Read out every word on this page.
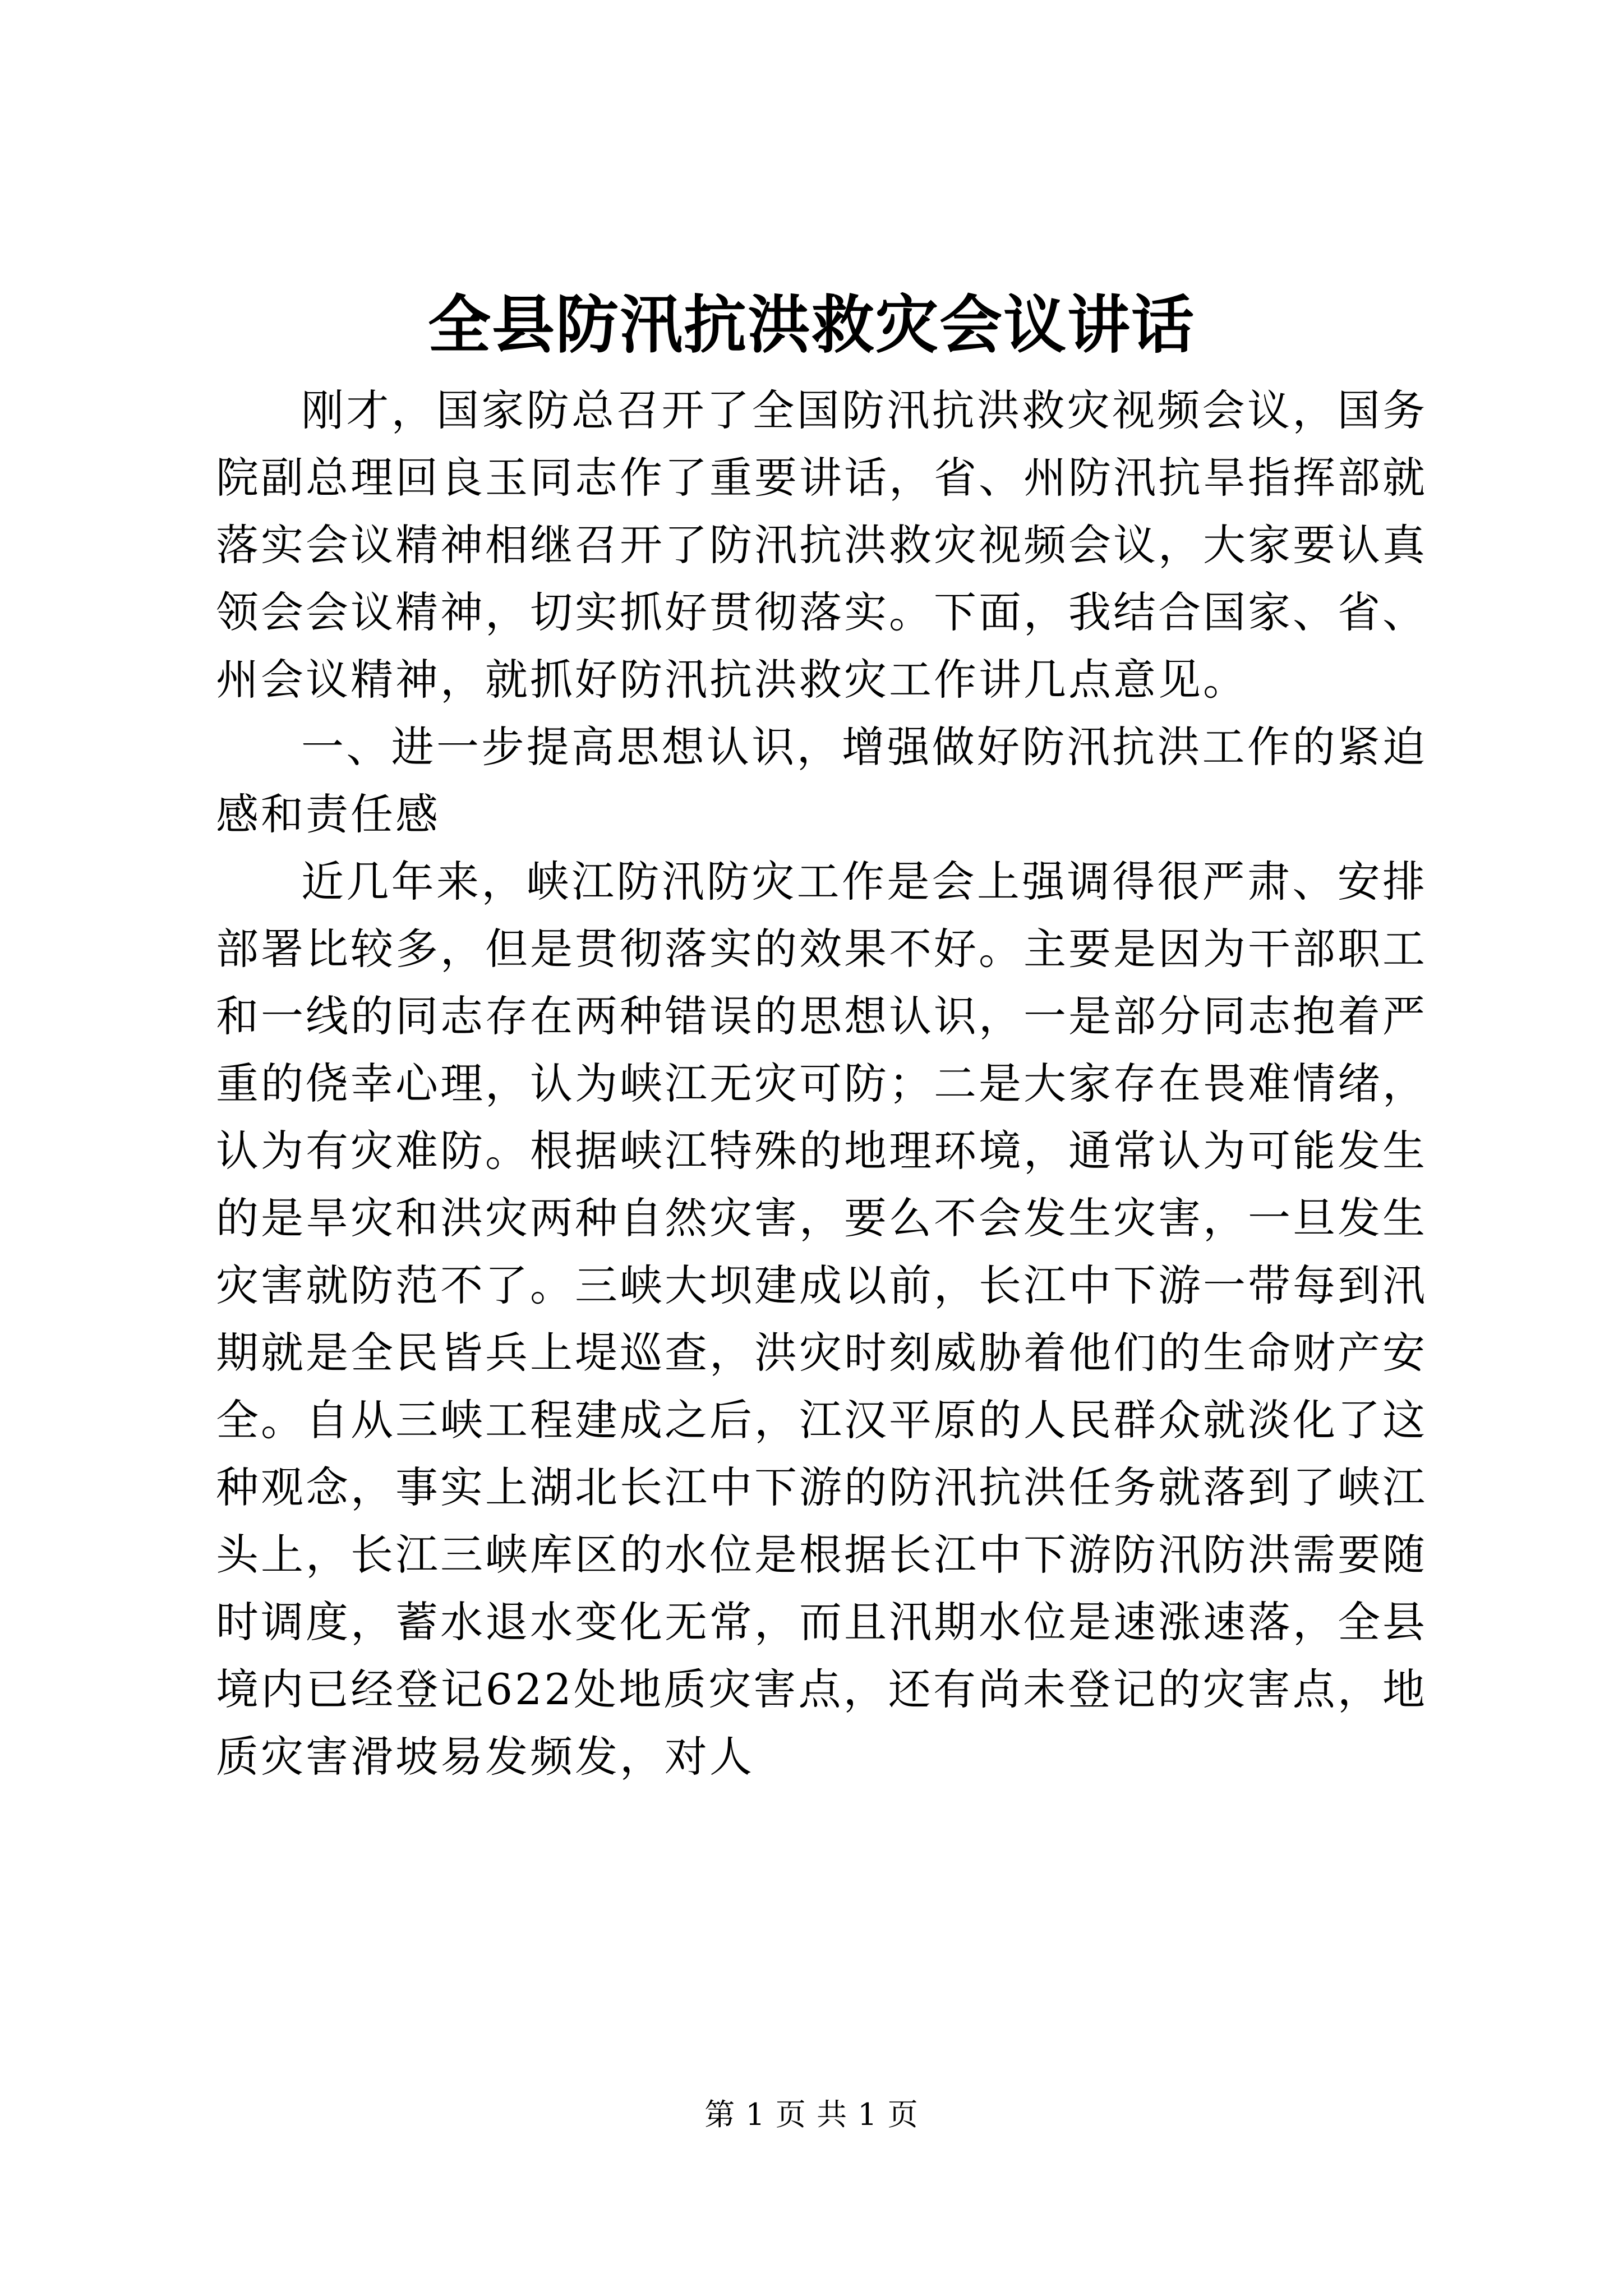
全县防汛抗洪救灾会议讲话

刚才，国家防总召开了全国防汛抗洪救灾视频会议，国务院副总理回良玉同志作了重要讲话，省、州防汛抗旱指挥部就落实会议精神相继召开了防汛抗洪救灾视频会议，大家要认真领会会议精神，切实抓好贯彻落实。下面，我结合国家、省、州会议精神，就抓好防汛抗洪救灾工作讲几点意见。

一、进一步提高思想认识，增强做好防汛抗洪工作的紧迫感和责任感

近几年来，峡江防汛防灾工作是会上强调得很严肃、安排部署比较多，但是贯彻落实的效果不好。主要是因为干部职工和一线的同志存在两种错误的思想认识，一是部分同志抱着严重的侥幸心理，认为峡江无灾可防；二是大家存在畏难情绪，认为有灾难防。根据峡江特殊的地理环境，通常认为可能发生的是旱灾和洪灾两种自然灾害，要么不会发生灾害，一旦发生灾害就防范不了。三峡大坝建成以前，长江中下游一带每到汛期就是全民皆兵上堤巡查，洪灾时刻威胁着他们的生命财产安全。自从三峡工程建成之后，江汉平原的人民群众就淡化了这种观念，事实上湖北长江中下游的防汛抗洪任务就落到了峡江头上，长江三峡库区的水位是根据长江中下游防汛防洪需要随时调度，蓄水退水变化无常，而且汛期水位是速涨速落，全县境内已经登记622处地质灾害点，还有尚未登记的灾害点，地质灾害滑坡易发频发，对人

第 1 页 共 1 页
